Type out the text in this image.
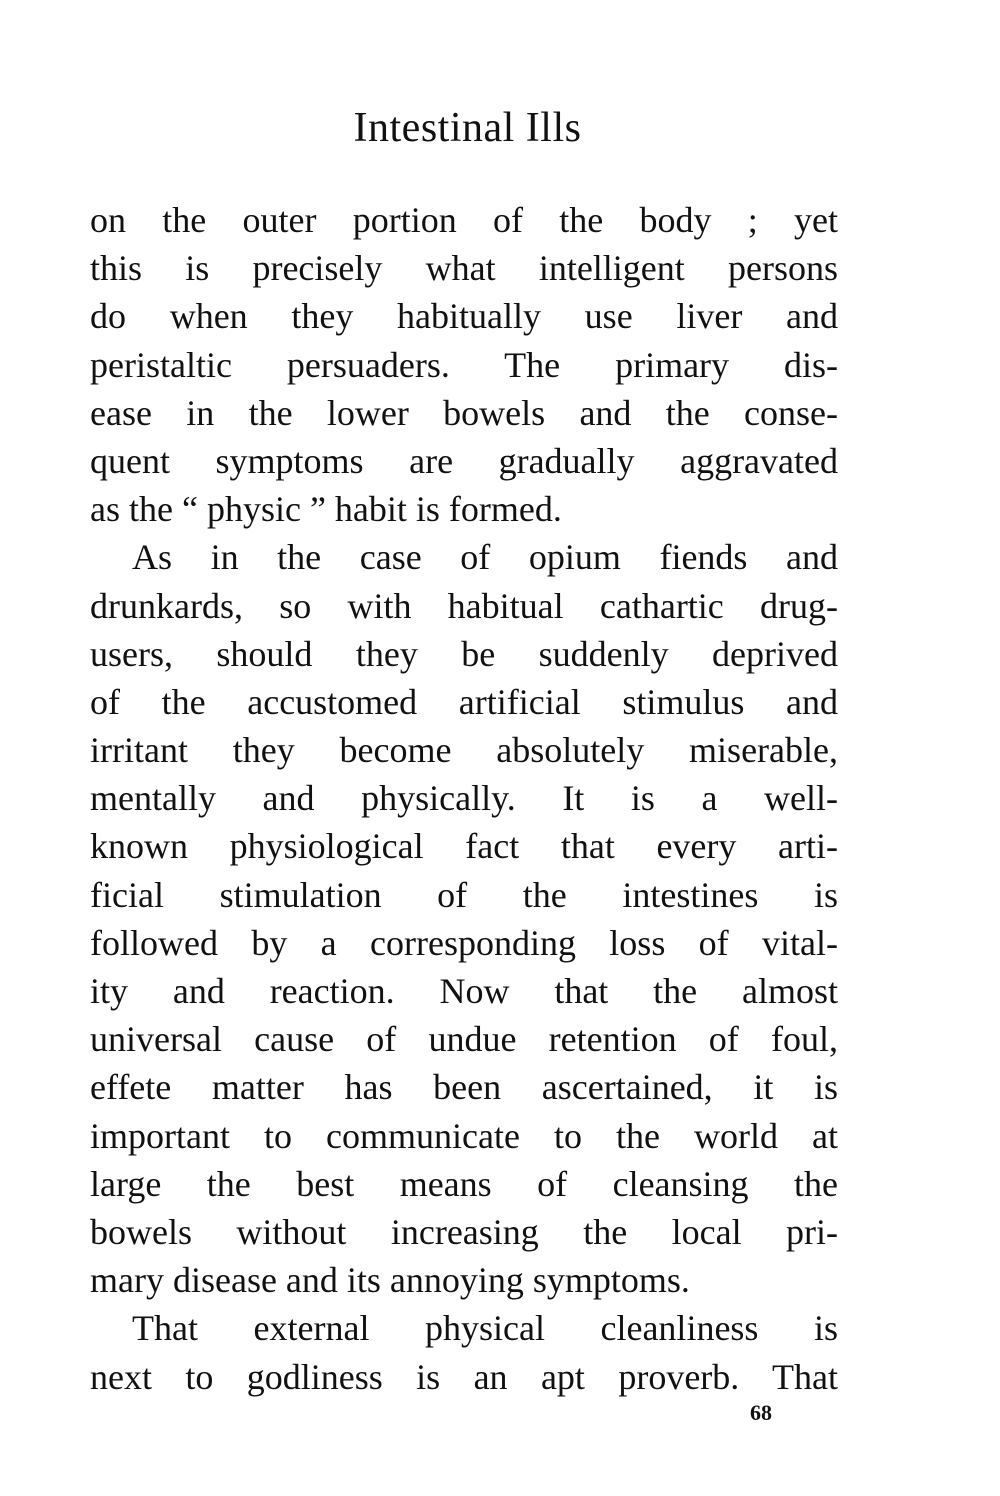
Intestinal Ills
on the outer portion of the body ; yet
this is precisely what intelligent persons
do when they habitually use liver and
peristaltic persuaders. The primary dis-
ease in the lower bowels and the conse-
quent symptoms are gradually aggravated
as the “ physic ” habit is formed.
As in the case of opium fiends and
drunkards, so with habitual cathartic drug-
users, should they be suddenly deprived
of the accustomed artificial stimulus and
irritant they become absolutely miserable,
mentally and physically. It is a well-
known physiological fact that every arti-
ficial stimulation of the intestines is
followed by a corresponding loss of vital-
ity and reaction. Now that the almost
universal cause of undue retention of foul,
effete matter has been ascertained, it is
important to communicate to the world at
large the best means of cleansing the
bowels without increasing the local pri-
mary disease and its annoying symptoms.
That external physical cleanliness is
next to godliness is an apt proverb. That
68
